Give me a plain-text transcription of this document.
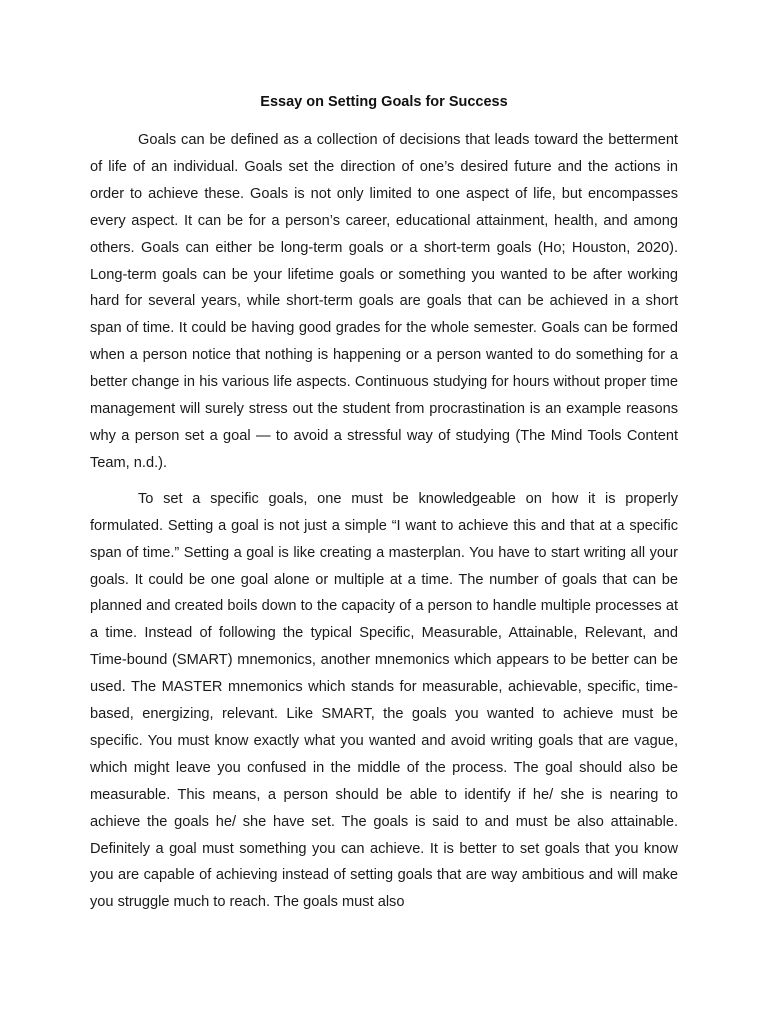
Essay on Setting Goals for Success

Goals can be defined as a collection of decisions that leads toward the betterment of life of an individual. Goals set the direction of one’s desired future and the actions in order to achieve these. Goals is not only limited to one aspect of life, but encompasses every aspect. It can be for a person’s career, educational attainment, health, and among others. Goals can either be long-term goals or a short-term goals (Ho; Houston, 2020). Long-term goals can be your lifetime goals or something you wanted to be after working hard for several years, while short-term goals are goals that can be achieved in a short span of time. It could be having good grades for the whole semester. Goals can be formed when a person notice that nothing is happening or a person wanted to do something for a better change in his various life aspects. Continuous studying for hours without proper time management will surely stress out the student from procrastination is an example reasons why a person set a goal — to avoid a stressful way of studying (The Mind Tools Content Team, n.d.).

To set a specific goals, one must be knowledgeable on how it is properly formulated. Setting a goal is not just a simple “I want to achieve this and that at a specific span of time.” Setting a goal is like creating a masterplan. You have to start writing all your goals. It could be one goal alone or multiple at a time. The number of goals that can be planned and created boils down to the capacity of a person to handle multiple processes at a time. Instead of following the typical Specific, Measurable, Attainable, Relevant, and Time-bound (SMART) mnemonics, another mnemonics which appears to be better can be used. The MASTER mnemonics which stands for measurable, achievable, specific, time-based, energizing, relevant. Like SMART, the goals you wanted to achieve must be specific. You must know exactly what you wanted and avoid writing goals that are vague, which might leave you confused in the middle of the process. The goal should also be measurable. This means, a person should be able to identify if he/ she is nearing to achieve the goals he/ she have set. The goals is said to and must be also attainable. Definitely a goal must something you can achieve. It is better to set goals that you know you are capable of achieving instead of setting goals that are way ambitious and will make you struggle much to reach. The goals must also
